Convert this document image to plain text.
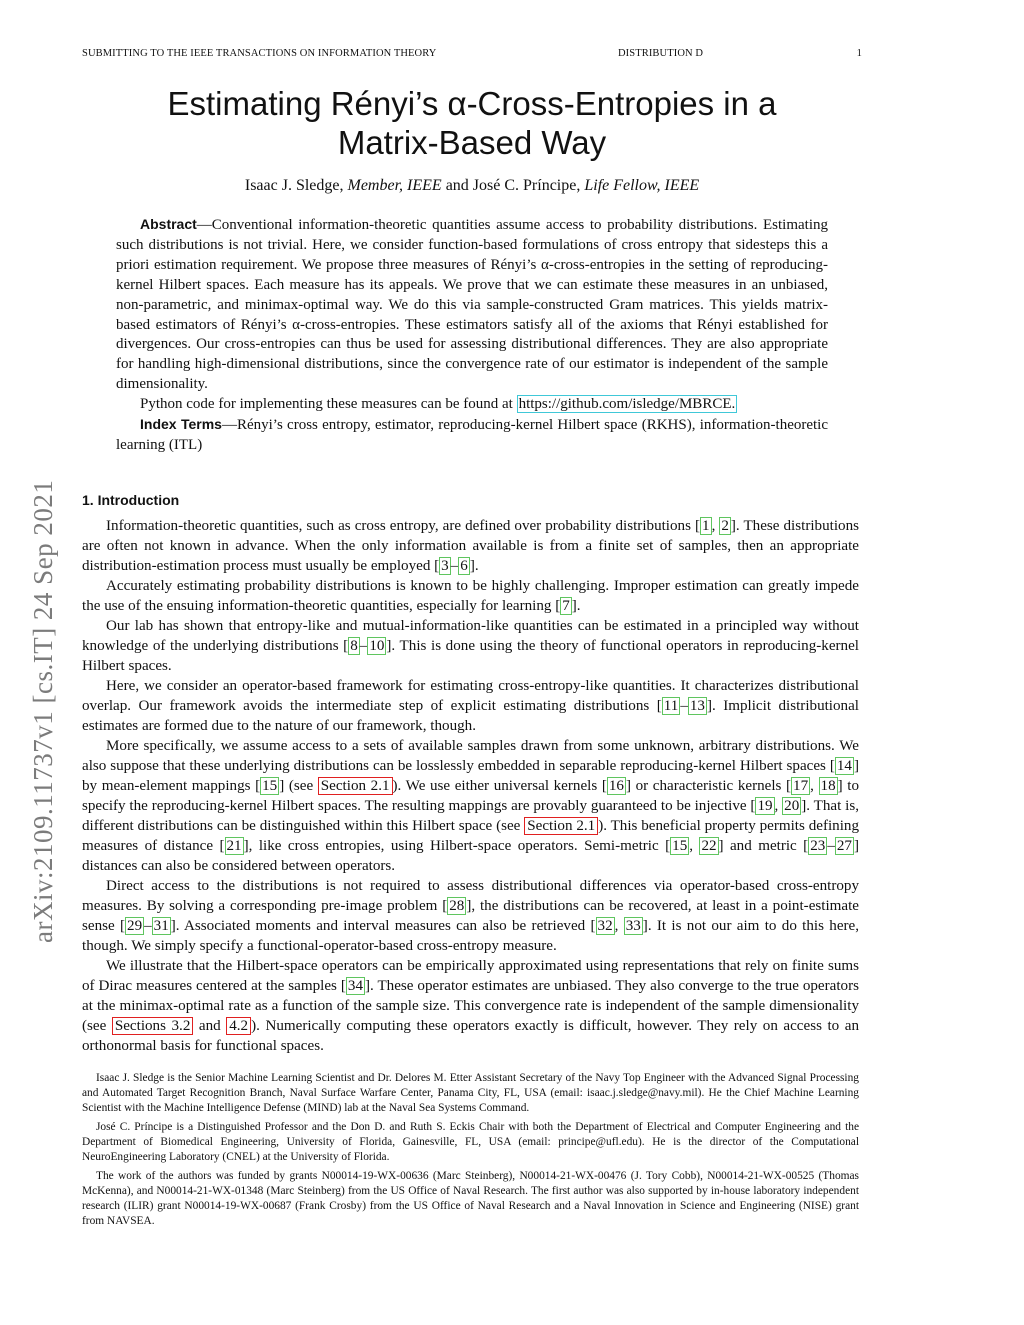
SUBMITTING TO THE IEEE TRANSACTIONS ON INFORMATION THEORY	DISTRIBUTION D	1
arXiv:2109.11737v1 [cs.IT] 24 Sep 2021
Estimating Rényi’s α-Cross-Entropies in a
Matrix-Based Way
Isaac J. Sledge, Member, IEEE and José C. Príncipe, Life Fellow, IEEE

Abstract—Conventional information-theoretic quantities assume access to probability distributions. Estimating such distributions is not trivial. Here, we consider function-based formulations of cross entropy that sidesteps this a priori estimation requirement. We propose three measures of Rényi’s α-cross-entropies in the setting of reproducing-kernel Hilbert spaces. Each measure has its appeals. We prove that we can estimate these measures in an unbiased, non-parametric, and minimax-optimal way. We do this via sample-constructed Gram matrices. This yields matrix-based estimators of Rényi’s α-cross-entropies. These estimators satisfy all of the axioms that Rényi established for divergences. Our cross-entropies can thus be used for assessing distributional differences. They are also appropriate for handling high-dimensional distributions, since the convergence rate of our estimator is independent of the sample dimensionality.

Python code for implementing these measures can be found at https://github.com/isledge/MBRCE.

Index Terms—Rényi’s cross entropy, estimator, reproducing-kernel Hilbert space (RKHS), information-theoretic learning (ITL)

1. Introduction

Information-theoretic quantities, such as cross entropy, are defined over probability distributions [ 1 , 2 ]. These distributions are often not known in advance. When the only information available is from a finite set of samples, then an appropriate distribution-estimation process must usually be employed [ 3 – 6 ].

Accurately estimating probability distributions is known to be highly challenging. Improper estimation can greatly impede the use of the ensuing information-theoretic quantities, especially for learning [ 7 ].

Our lab has shown that entropy-like and mutual-information-like quantities can be estimated in a principled way without knowledge of the underlying distributions [ 8 – 10 ]. This is done using the theory of functional operators in reproducing-kernel Hilbert spaces.

Here, we consider an operator-based framework for estimating cross-entropy-like quantities. It characterizes distributional overlap. Our framework avoids the intermediate step of explicit estimating distributions [ 11 – 13 ]. Implicit distributional estimates are formed due to the nature of our framework, though.

More specifically, we assume access to a sets of available samples drawn from some unknown, arbitrary distributions. We also suppose that these underlying distributions can be losslessly embedded in separable reproducing-kernel Hilbert spaces [ 14 ] by mean-element mappings [ 15 ] (see Section 2.1 ). We use either universal kernels [ 16 ] or characteristic kernels [ 17 , 18 ] to specify the reproducing-kernel Hilbert spaces. The resulting mappings are provably guaranteed to be injective [ 19 , 20 ]. That is, different distributions can be distinguished within this Hilbert space (see Section 2.1 ). This beneficial property permits defining measures of distance [ 21 ], like cross entropies, using Hilbert-space operators. Semi-metric [ 15 , 22 ] and metric [ 23 – 27 ] distances can also be considered between operators.

Direct access to the distributions is not required to assess distributional differences via operator-based cross-entropy measures. By solving a corresponding pre-image problem [ 28 ], the distributions can be recovered, at least in a point-estimate sense [ 29 – 31 ]. Associated moments and interval measures can also be retrieved [ 32 , 33 ]. It is not our aim to do this here, though. We simply specify a functional-operator-based cross-entropy measure.

We illustrate that the Hilbert-space operators can be empirically approximated using representations that rely on finite sums of Dirac measures centered at the samples [ 34 ]. These operator estimates are unbiased. They also converge to the true operators at the minimax-optimal rate as a function of the sample size. This convergence rate is independent of the sample dimensionality (see Sections 3.2 and 4.2 ). Numerically computing these operators exactly is difficult, however. They rely on access to an orthonormal basis for functional spaces.

Isaac J. Sledge is the Senior Machine Learning Scientist and Dr. Delores M. Etter Assistant Secretary of the Navy Top Engineer with the Advanced Signal Processing and Automated Target Recognition Branch, Naval Surface Warfare Center, Panama City, FL, USA (email: isaac.j.sledge@navy.mil). He the Chief Machine Learning Scientist with the Machine Intelligence Defense (MIND) lab at the Naval Sea Systems Command.

José C. Príncipe is a Distinguished Professor and the Don D. and Ruth S. Eckis Chair with both the Department of Electrical and Computer Engineering and the Department of Biomedical Engineering, University of Florida, Gainesville, FL, USA (email: principe@ufl.edu). He is the director of the Computational NeuroEngineering Laboratory (CNEL) at the University of Florida.

The work of the authors was funded by grants N00014-19-WX-00636 (Marc Steinberg), N00014-21-WX-00476 (J. Tory Cobb), N00014-21-WX-00525 (Thomas McKenna), and N00014-21-WX-01348 (Marc Steinberg) from the US Office of Naval Research. The first author was also supported by in-house laboratory independent research (ILIR) grant N00014-19-WX-00687 (Frank Crosby) from the US Office of Naval Research and a Naval Innovation in Science and Engineering (NISE) grant from NAVSEA.
